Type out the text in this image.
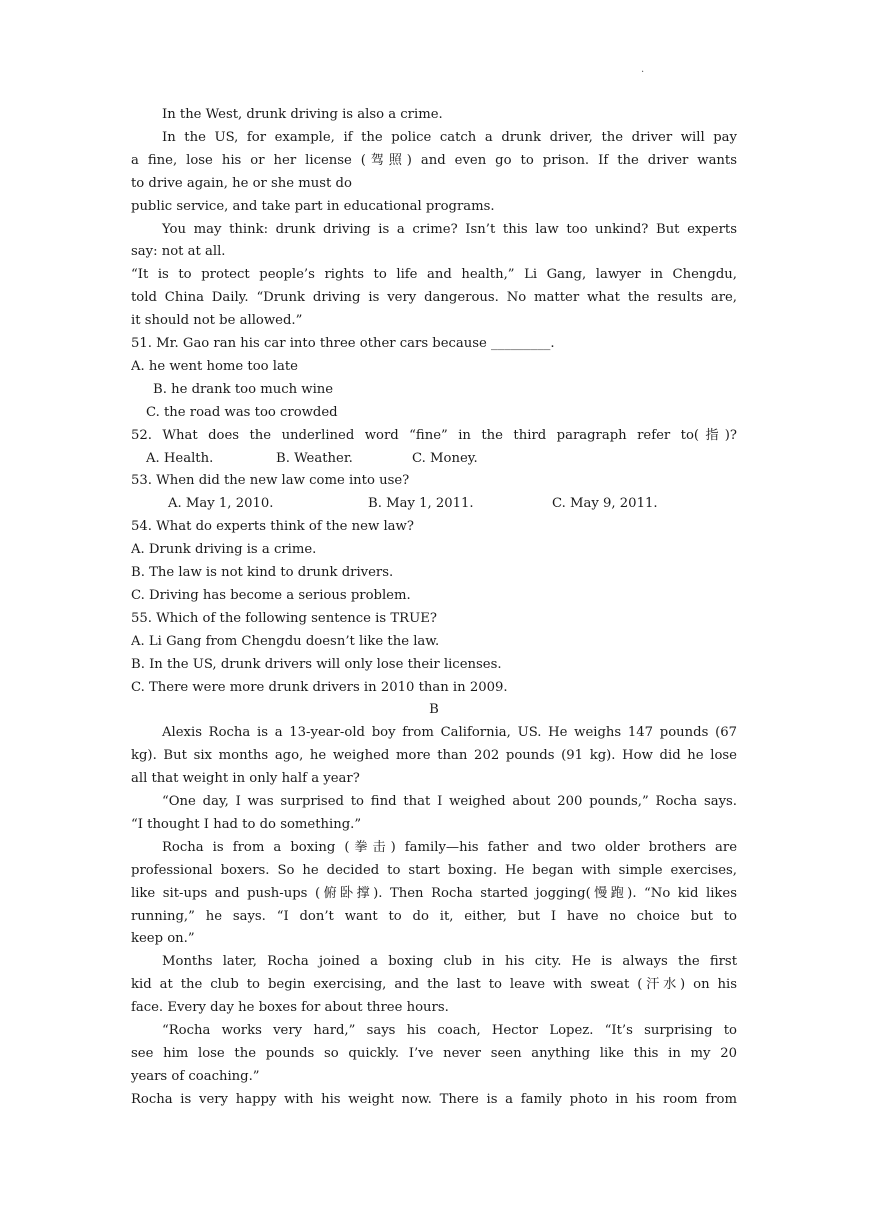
.
In the West, drunk driving is also a crime.
In the US, for example, if the police catch a drunk driver, the driver will pay
a fine, lose his or her license (驾照) and even go to prison. If the driver wants
to drive again, he or she must do
public service, and take part in educational programs.
You may think: drunk driving is a crime? Isn’t this law too unkind? But experts
say: not at all.
“It is to protect people’s rights to life and health,” Li Gang, lawyer in Chengdu,
told China Daily. “Drunk driving is very dangerous. No matter what the results are,
it should not be allowed.”
51. Mr. Gao ran his car into three other cars because _________.
A. he went home too late
B. he drank too much wine
C. the road was too crowded
52. What does the underlined word “fine” in the third paragraph refer to(指)?
A. Health.	B. Weather.	C. Money.
53. When did the new law come into use?
A. May 1, 2010.	B. May 1, 2011.	C. May 9, 2011.
54. What do experts think of the new law?
A. Drunk driving is a crime.
B. The law is not kind to drunk drivers.
C. Driving has become a serious problem.
55. Which of the following sentence is TRUE?
A. Li Gang from Chengdu doesn’t like the law.
B. In the US, drunk drivers will only lose their licenses.
C. There were more drunk drivers in 2010 than in 2009.
B
Alexis Rocha is a 13-year-old boy from California, US. He weighs 147 pounds (67
kg). But six months ago, he weighed more than 202 pounds (91 kg). How did he lose
all that weight in only half a year?
“One day, I was surprised to find that I weighed about 200 pounds,” Rocha says.
“I thought I had to do something.”
Rocha is from a boxing (拳击) family—his father and two older brothers are
professional boxers. So he decided to start boxing. He began with simple exercises,
like sit-ups and push-ups (俯卧撑). Then Rocha started jogging(慢跑). “No kid likes
running,” he says. “I don’t want to do it, either, but I have no choice but to
keep on.”
Months later, Rocha joined a boxing club in his city. He is always the first
kid at the club to begin exercising, and the last to leave with sweat (汗水) on his
face. Every day he boxes for about three hours.
“Rocha works very hard,” says his coach, Hector Lopez. “It’s surprising to
see him lose the pounds so quickly. I’ve never seen anything like this in my 20
years of coaching.”
Rocha is very happy with his weight now. There is a family photo in his room from
